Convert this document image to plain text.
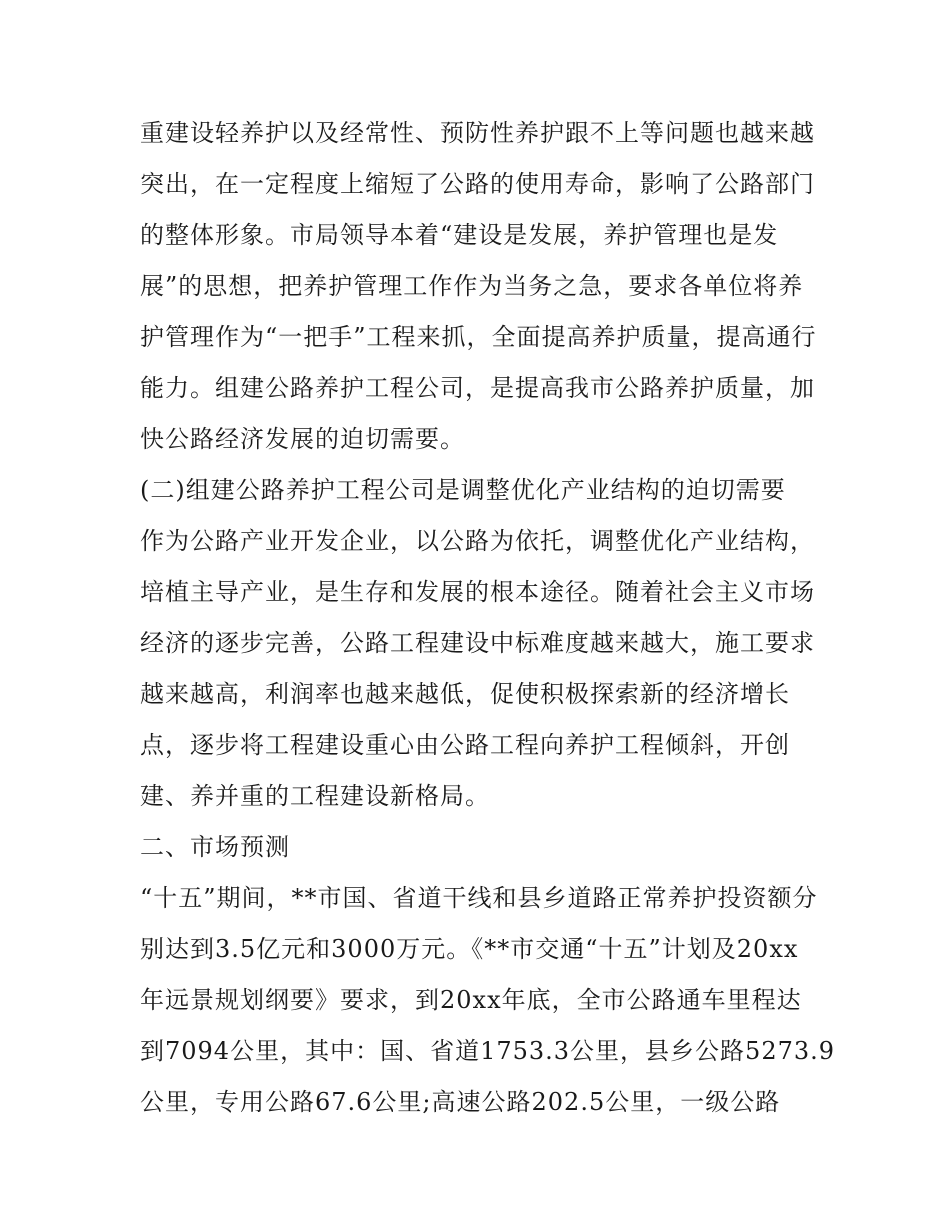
重建设轻养护以及经常性、预防性养护跟不上等问题也越来越
突出，在一定程度上缩短了公路的使用寿命，影响了公路部门
的整体形象。市局领导本着“建设是发展，养护管理也是发
展”的思想，把养护管理工作作为当务之急，要求各单位将养
护管理作为“一把手”工程来抓，全面提高养护质量，提高通行
能力。组建公路养护工程公司，是提高我市公路养护质量，加
快公路经济发展的迫切需要。
(二)组建公路养护工程公司是调整优化产业结构的迫切需要
作为公路产业开发企业，以公路为依托，调整优化产业结构，
培植主导产业，是生存和发展的根本途径。随着社会主义市场
经济的逐步完善，公路工程建设中标难度越来越大，施工要求
越来越高，利润率也越来越低，促使积极探索新的经济增长
点，逐步将工程建设重心由公路工程向养护工程倾斜，开创
建、养并重的工程建设新格局。
二、市场预测
“十五”期间，**市国、省道干线和县乡道路正常养护投资额分
别达到3.5亿元和3000万元。《**市交通“十五”计划及20xx
年远景规划纲要》要求，到20xx年底，全市公路通车里程达
到7094公里，其中：国、省道1753.3公里，县乡公路5273.9
公里，专用公路67.6公里;高速公路202.5公里，一级公路
